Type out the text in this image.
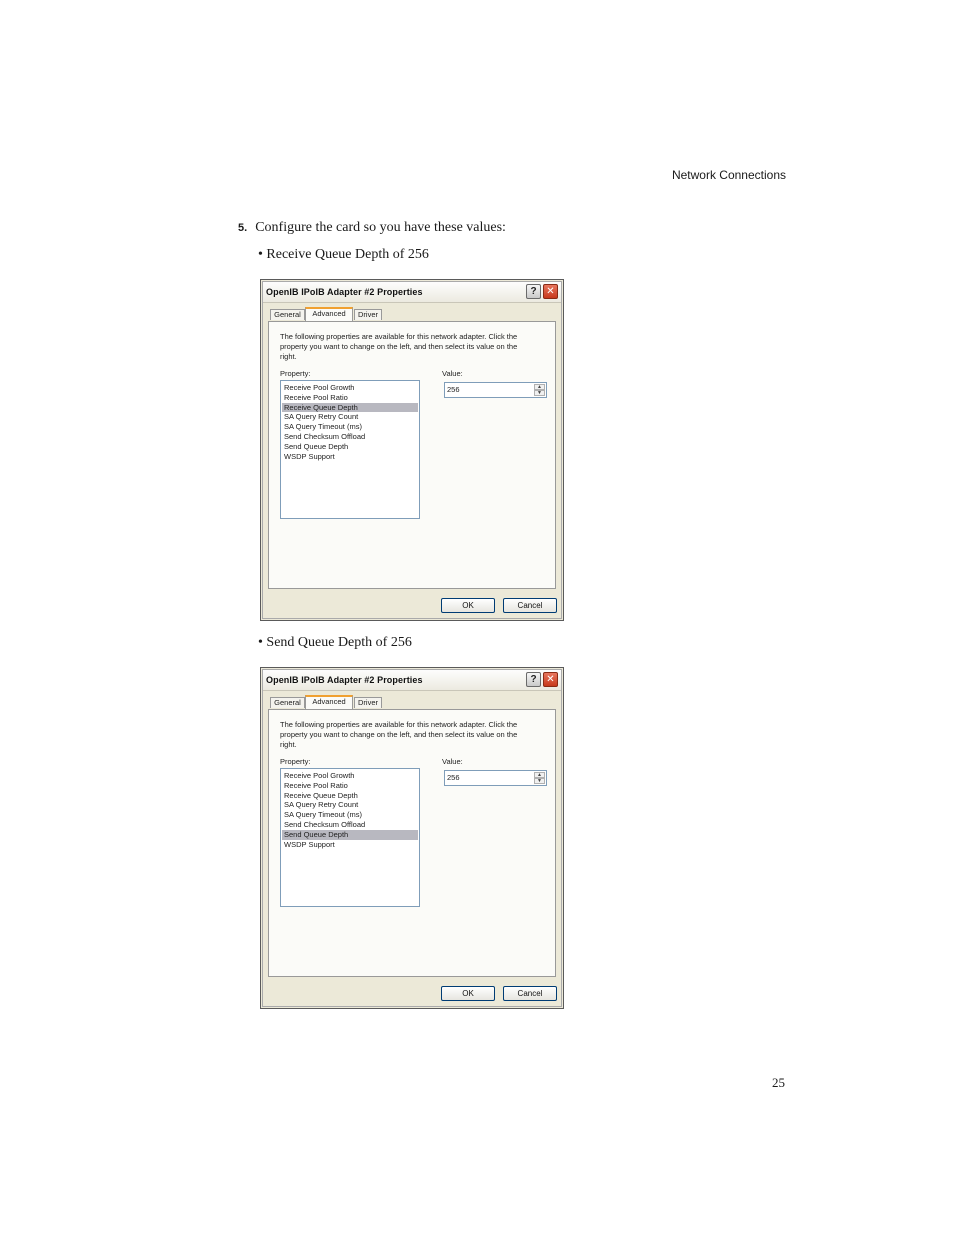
Network Connections
5. Configure the card so you have these values:
• Receive Queue Depth of 256
OpenIB IPoIB Adapter #2 Properties	? ✕
General	Advanced	Driver
The following properties are available for this network adapter. Click the property you want to change on the left, and then select its value on the right.
Property:	Value:
Receive Pool Growth
Receive Pool Ratio
Receive Queue Depth
SA Query Retry Count
SA Query Timeout (ms)
Send Checksum Offload
Send Queue Depth
WSDP Support
256	▲
▼
OK	Cancel
• Send Queue Depth of 256
OpenIB IPoIB Adapter #2 Properties	? ✕
General	Advanced	Driver
The following properties are available for this network adapter. Click the property you want to change on the left, and then select its value on the right.
Property:	Value:
Receive Pool Growth
Receive Pool Ratio
Receive Queue Depth
SA Query Retry Count
SA Query Timeout (ms)
Send Checksum Offload
Send Queue Depth
WSDP Support
256	▲
▼
OK	Cancel
25
